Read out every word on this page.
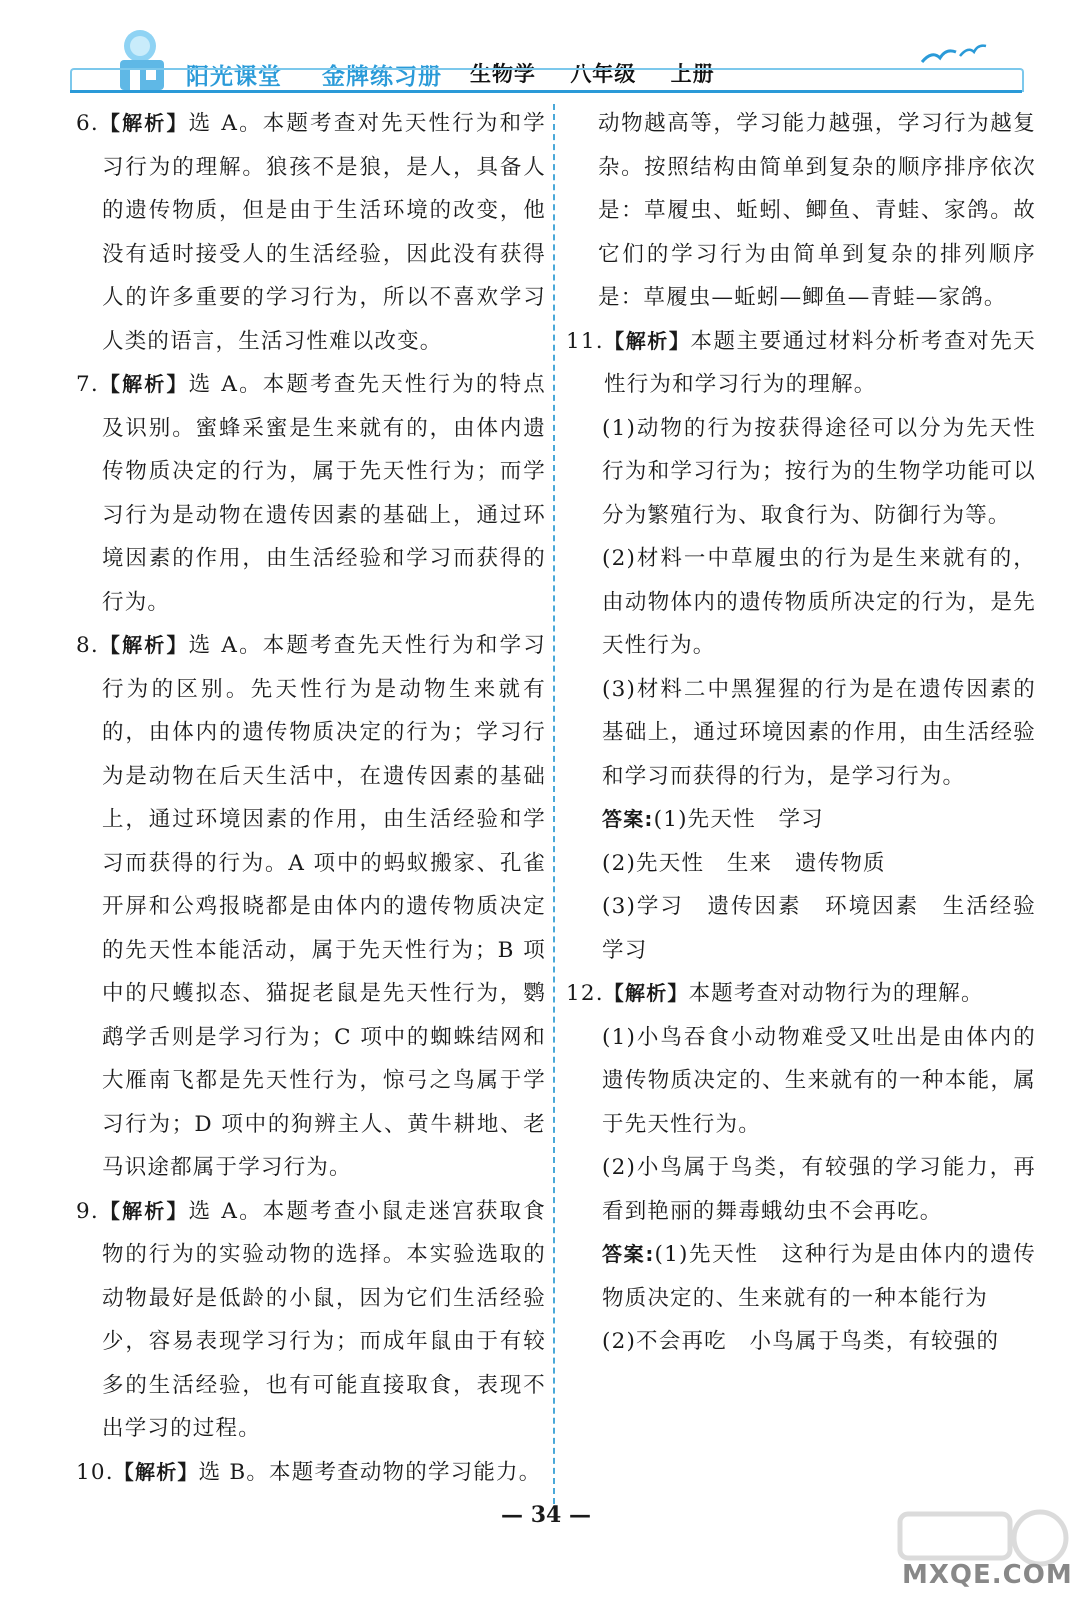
阳光课堂 金牌练习册 生物学 八年级 上册

6.【解析】选 A。本题考查对先天性行为和学习行为的理解。狼孩不是狼，是人，具备人的遗传物质，但是由于生活环境的改变，他没有适时接受人的生活经验，因此没有获得人的许多重要的学习行为，所以不喜欢学习人类的语言，生活习性难以改变。

7.【解析】选 A。本题考查先天性行为的特点及识别。蜜蜂采蜜是生来就有的，由体内遗传物质决定的行为，属于先天性行为；而学习行为是动物在遗传因素的基础上，通过环境因素的作用，由生活经验和学习而获得的行为。

8.【解析】选 A。本题考查先天性行为和学习行为的区别。先天性行为是动物生来就有的，由体内的遗传物质决定的行为；学习行为是动物在后天生活中，在遗传因素的基础上，通过环境因素的作用，由生活经验和学习而获得的行为。A 项中的蚂蚁搬家、孔雀开屏和公鸡报晓都是由体内的遗传物质决定的先天性本能活动，属于先天性行为；B 项中的尺蠖拟态、猫捉老鼠是先天性行为，鹦鹉学舌则是学习行为；C 项中的蜘蛛结网和大雁南飞都是先天性行为，惊弓之鸟属于学习行为；D 项中的狗辨主人、黄牛耕地、老马识途都属于学习行为。

9.【解析】选 A。本题考查小鼠走迷宫获取食物的行为的实验动物的选择。本实验选取的动物最好是低龄的小鼠，因为它们生活经验少，容易表现学习行为；而成年鼠由于有较多的生活经验，也有可能直接取食，表现不出学习的过程。

10.【解析】选 B。本题考查动物的学习能力。

动物越高等，学习能力越强，学习行为越复杂。按照结构由简单到复杂的顺序排序依次是：草履虫、蚯蚓、鲫鱼、青蛙、家鸽。故它们的学习行为由简单到复杂的排列顺序是：草履虫—蚯蚓—鲫鱼—青蛙—家鸽。

11.【解析】本题主要通过材料分析考查对先天性行为和学习行为的理解。

(1)动物的行为按获得途径可以分为先天性行为和学习行为；按行为的生物学功能可以分为繁殖行为、取食行为、防御行为等。

(2)材料一中草履虫的行为是生来就有的，由动物体内的遗传物质所决定的行为，是先天性行为。

(3)材料二中黑猩猩的行为是在遗传因素的基础上，通过环境因素的作用，由生活经验和学习而获得的行为，是学习行为。

答案:(1)先天性　学习

(2)先天性　生来　遗传物质

(3)学习　遗传因素　环境因素　生活经验　学习

12.【解析】本题考查对动物行为的理解。

(1)小鸟吞食小动物难受又吐出是由体内的遗传物质决定的、生来就有的一种本能，属于先天性行为。

(2)小鸟属于鸟类，有较强的学习能力，再看到艳丽的舞毒蛾幼虫不会再吃。

答案:(1)先天性　这种行为是由体内的遗传物质决定的、生来就有的一种本能行为

(2)不会再吃　小鸟属于鸟类，有较强的

— 34 —
MXQE.COM
